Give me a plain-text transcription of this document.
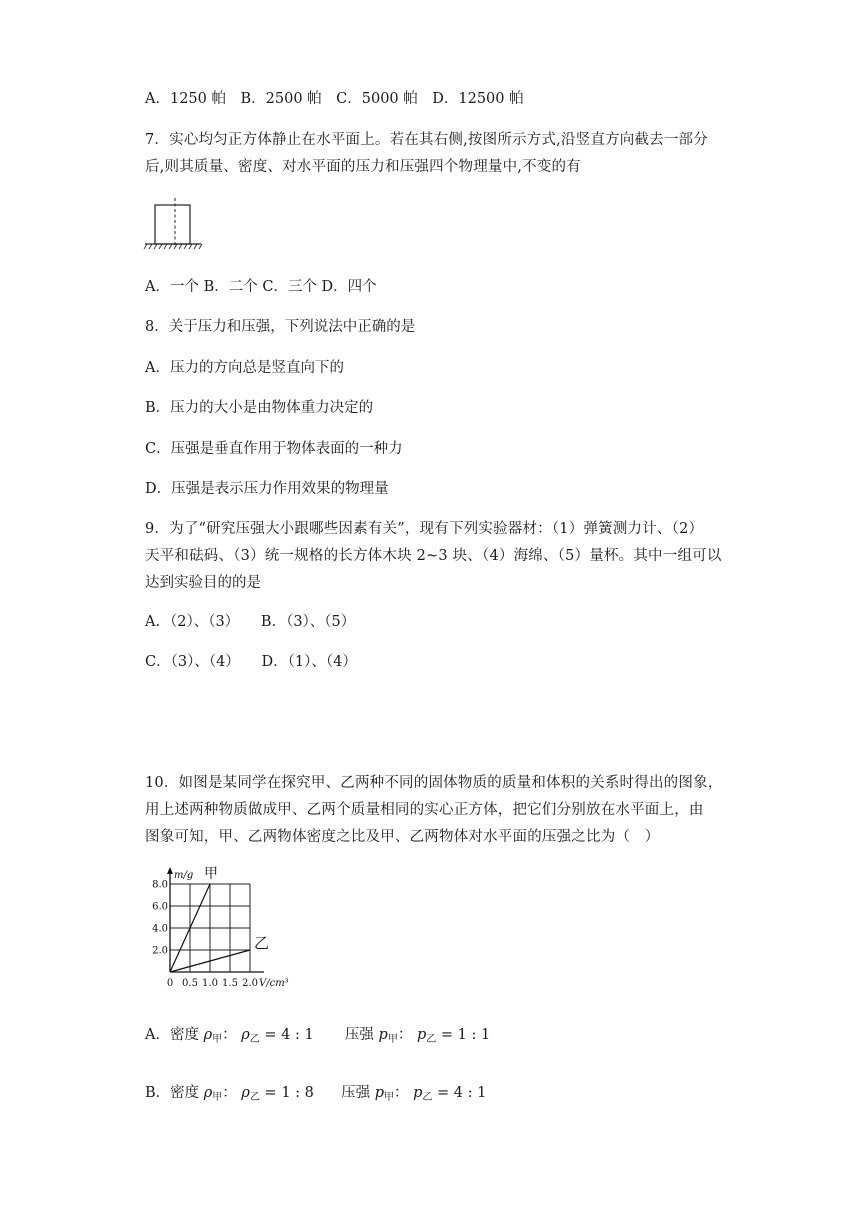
A．1250 帕　B．2500 帕　C．5000 帕　D．12500 帕
7．实心均匀正方体静止在水平面上。若在其右侧,按图所示方式,沿竖直方向截去一部分
后,则其质量、密度、对水平面的压力和压强四个物理量中,不变的有
A．一个 B．二个 C．三个 D．四个
8．关于压力和压强，下列说法中正确的是
A．压力的方向总是竖直向下的
B．压力的大小是由物体重力决定的
C．压强是垂直作用于物体表面的一种力
D．压强是表示压力作用效果的物理量
9．为了“研究压强大小跟哪些因素有关”，现有下列实验器材：（1）弹簧测力计、（2）
天平和砝码、（3）统一规格的长方体木块 2~3 块、（4）海绵、（5）量杯。其中一组可以
达到实验目的的是
A．（2）、（3）　　B．（3）、（5）
C．（3）、（4）　　D．（1）、（4）
10．如图是某同学在探究甲、乙两种不同的固体物质的质量和体积的关系时得出的图象，
用上述两种物质做成甲、乙两个质量相同的实心正方体，把它们分别放在水平面上，由
图象可知，甲、乙两物体密度之比及甲、乙两物体对水平面的压强之比为（　）
0 0.5 1.0 1.5 2.0
2.0
4.0
6.0
8.0
m/g
V/cm³
甲
乙
A．密度 $\rho_甲$： $\rho_乙 = 4$ : 1 压强 $p_甲$： $p_乙 = 1$ : 1
B．密度 $\rho_甲$： $\rho_乙 = 1$ : 8 压强 $p_甲$： $p_乙 = 4$ : 1
